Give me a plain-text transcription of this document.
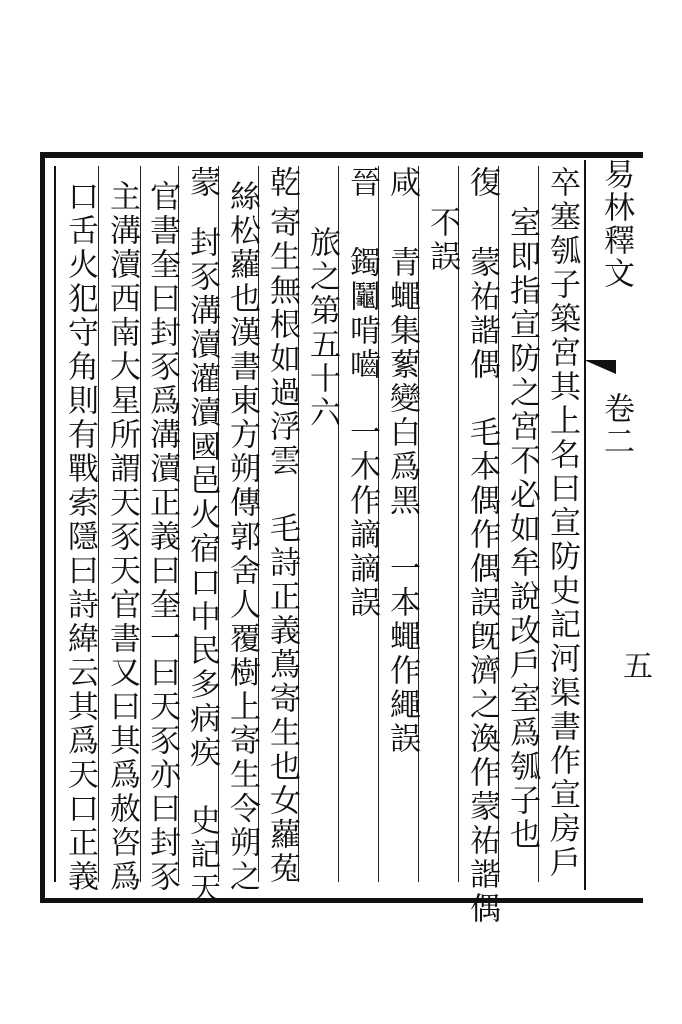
易林釋文
卷二
五
卒塞瓠子築宮其上名曰宣防史記河渠書作宣房戶
室即指宣防之宮不必如牟說改戶室爲瓠子也
復
蒙祐諧偶　毛本偶作偶誤旣濟之渙作蒙祐諧偶
不誤
咸
青蠅集蕠變白爲黑　一本蠅作繩誤
晉
鐲鬮啃嚙　一木作謫謫誤
旅之第五十六
乾
寄生無根如過浮雲　毛詩正義蔦寄生也女蘿菟
絲松蘿也漢書東方朔傳郭舍人覆樹上寄生令朔之
蒙
封豕溝瀆灌瀆國邑火宿口中民多病疾　史記天
官書奎曰封豕爲溝瀆正義曰奎一曰天豕亦曰封豕
主溝瀆西南大星所謂天豕天官書又曰其爲赦咨爲
口舌火犯守角則有戰索隱曰詩緯云其爲天口正義
